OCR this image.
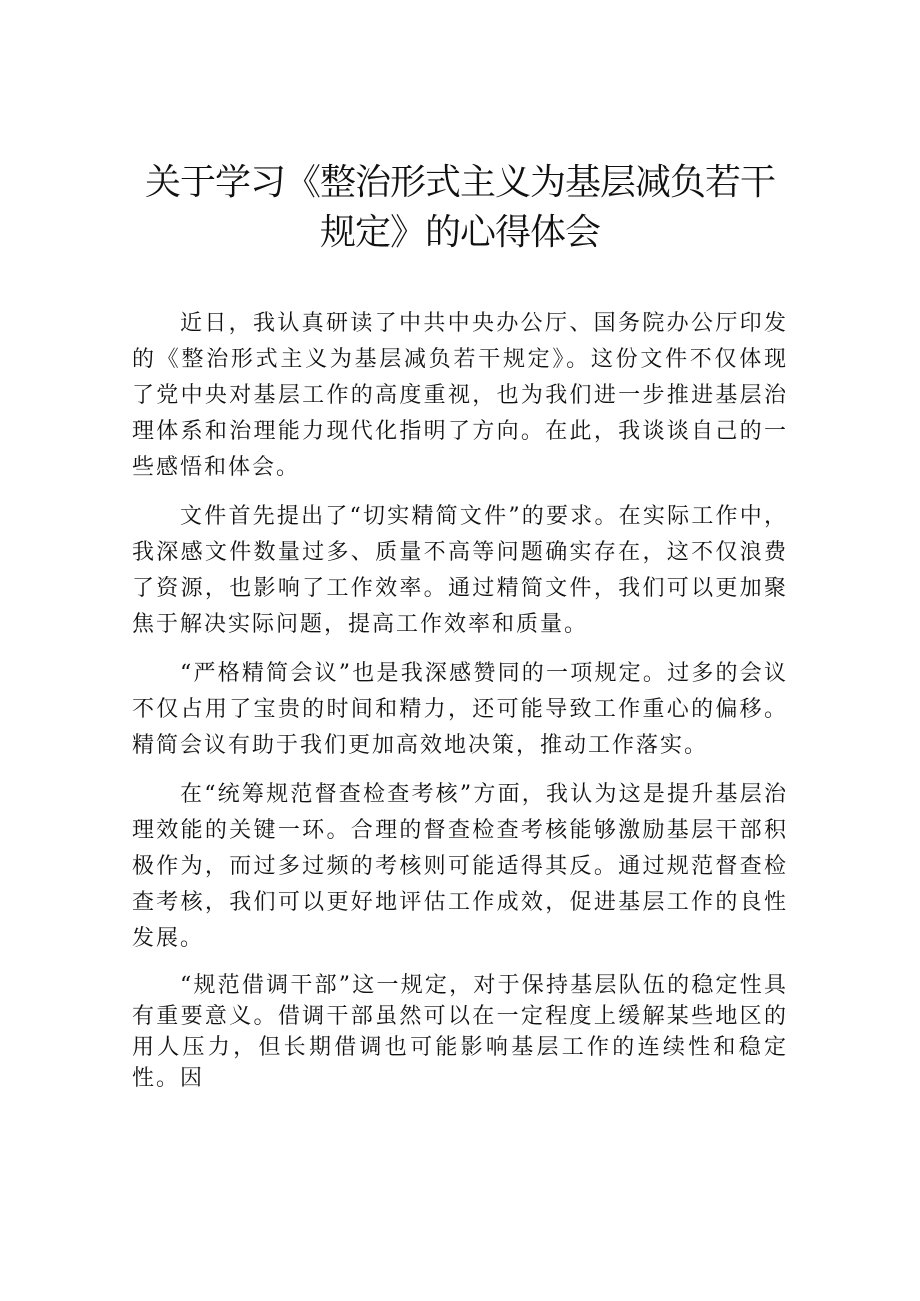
关于学习《整治形式主义为基层减负若干
规定》的心得体会

近日，我认真研读了中共中央办公厅、国务院办公厅印发的《整治形式主义为基层减负若干规定》。这份文件不仅体现了党中央对基层工作的高度重视，也为我们进一步推进基层治理体系和治理能力现代化指明了方向。在此，我谈谈自己的一些感悟和体会。

文件首先提出了“切实精简文件”的要求。在实际工作中，我深感文件数量过多、质量不高等问题确实存在，这不仅浪费了资源，也影响了工作效率。通过精简文件，我们可以更加聚焦于解决实际问题，提高工作效率和质量。

“严格精简会议”也是我深感赞同的一项规定。过多的会议不仅占用了宝贵的时间和精力，还可能导致工作重心的偏移。精简会议有助于我们更加高效地决策，推动工作落实。

在“统筹规范督查检查考核”方面，我认为这是提升基层治理效能的关键一环。合理的督查检查考核能够激励基层干部积极作为，而过多过频的考核则可能适得其反。通过规范督查检查考核，我们可以更好地评估工作成效，促进基层工作的良性发展。

“规范借调干部”这一规定，对于保持基层队伍的稳定性具有重要意义。借调干部虽然可以在一定程度上缓解某些地区的用人压力，但长期借调也可能影响基层工作的连续性和稳定性。因
